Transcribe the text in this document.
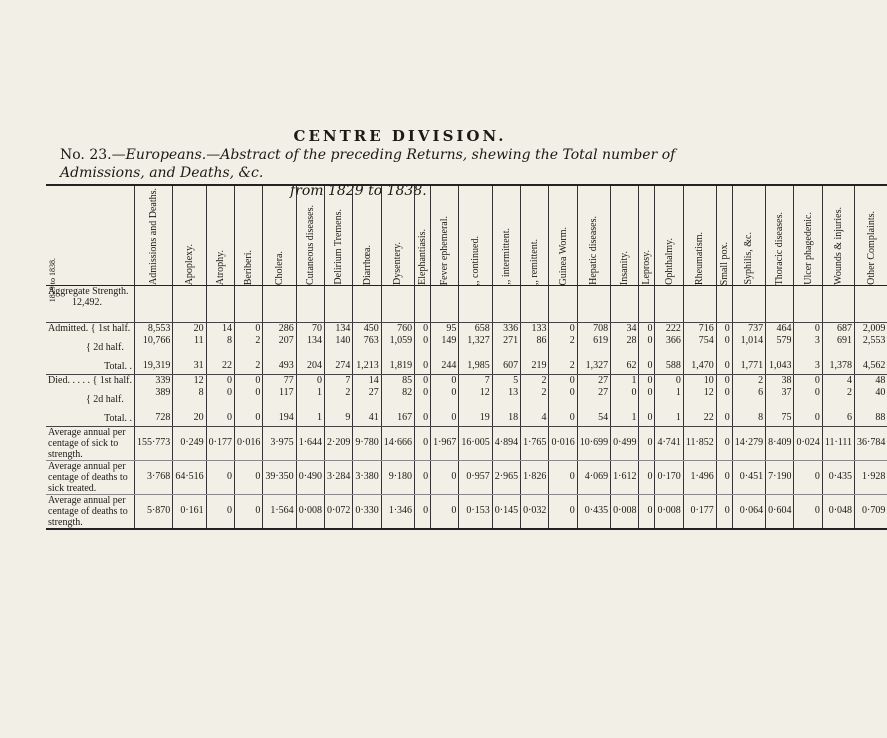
CENTRE DIVISION.
No. 23.—Europeans.—Abstract of the preceding Returns, shewing the Total number of Admissions, and Deaths, &c.
from 1829 to 1838.
1829 to 1838.

	Admissions and Deaths.	Apoplexy.	Atrophy.	Beriberi.	Cholera.	Cutaneous diseases.	Delirium Tremens.	Diarrhœa.	Dysentery.	Elephantiasis.	Fever ephemeral.	,, continued.	,, intermittent.	,, remittent.	Guinea Worm.	Hepatic diseases.	Insanity.	Leprosy.	Ophthalmy.	Rheumatism.	Small pox.	Syphilis, &c.	Thoracic diseases.	Ulcer phagedenic.	Wounds & injuries.	Other Complaints.

Aggregate Strength.
12,492.																										

Admitted. { 1st half.	8,553	20	14	0	286	70	134	450	760	0	95	658	336	133	0	708	34	0	222	716	0	737	464	0	687	2,009
{ 2d half.	10,766	11	8	2	207	134	140	763	1,059	0	149	1,327	271	86	2	619	28	0	366	754	0	1,014	579	3	691	2,553
Total. .	19,319	31	22	2	493	204	274	1,213	1,819	0	244	1,985	607	219	2	1,327	62	0	588	1,470	0	1,771	1,043	3	1,378	4,562
Died. . . . . { 1st half.	339	12	0	0	77	0	7	14	85	0	0	7	5	2	0	27	1	0	0	10	0	2	38	0	4	48
{ 2d half.	389	8	0	0	117	1	2	27	82	0	0	12	13	2	0	27	0	0	1	12	0	6	37	0	2	40
Total. .	728	20	0	0	194	1	9	41	167	0	0	19	18	4	0	54	1	0	1	22	0	8	75	0	6	88
Average annual per centage of sick to strength.	155·773	0·249	0·177	0·016	3·975	1·644	2·209	9·780	14·666	0	1·967	16·005	4·894	1·765	0·016	10·699	0·499	0	4·741	11·852	0	14·279	8·409	0·024	11·111	36·784
Average annual per centage of deaths to sick treated.	3·768	64·516	0	0	39·350	0·490	3·284	3·380	9·180	0	0	0·957	2·965	1·826	0	4·069	1·612	0	0·170	1·496	0	0·451	7·190	0	0·435	1·928
Average annual per centage of deaths to strength.	5·870	0·161	0	0	1·564	0·008	0·072	0·330	1·346	0	0	0·153	0·145	0·032	0	0·435	0·008	0	0·008	0·177	0	0·064	0·604	0	0·048	0·709
